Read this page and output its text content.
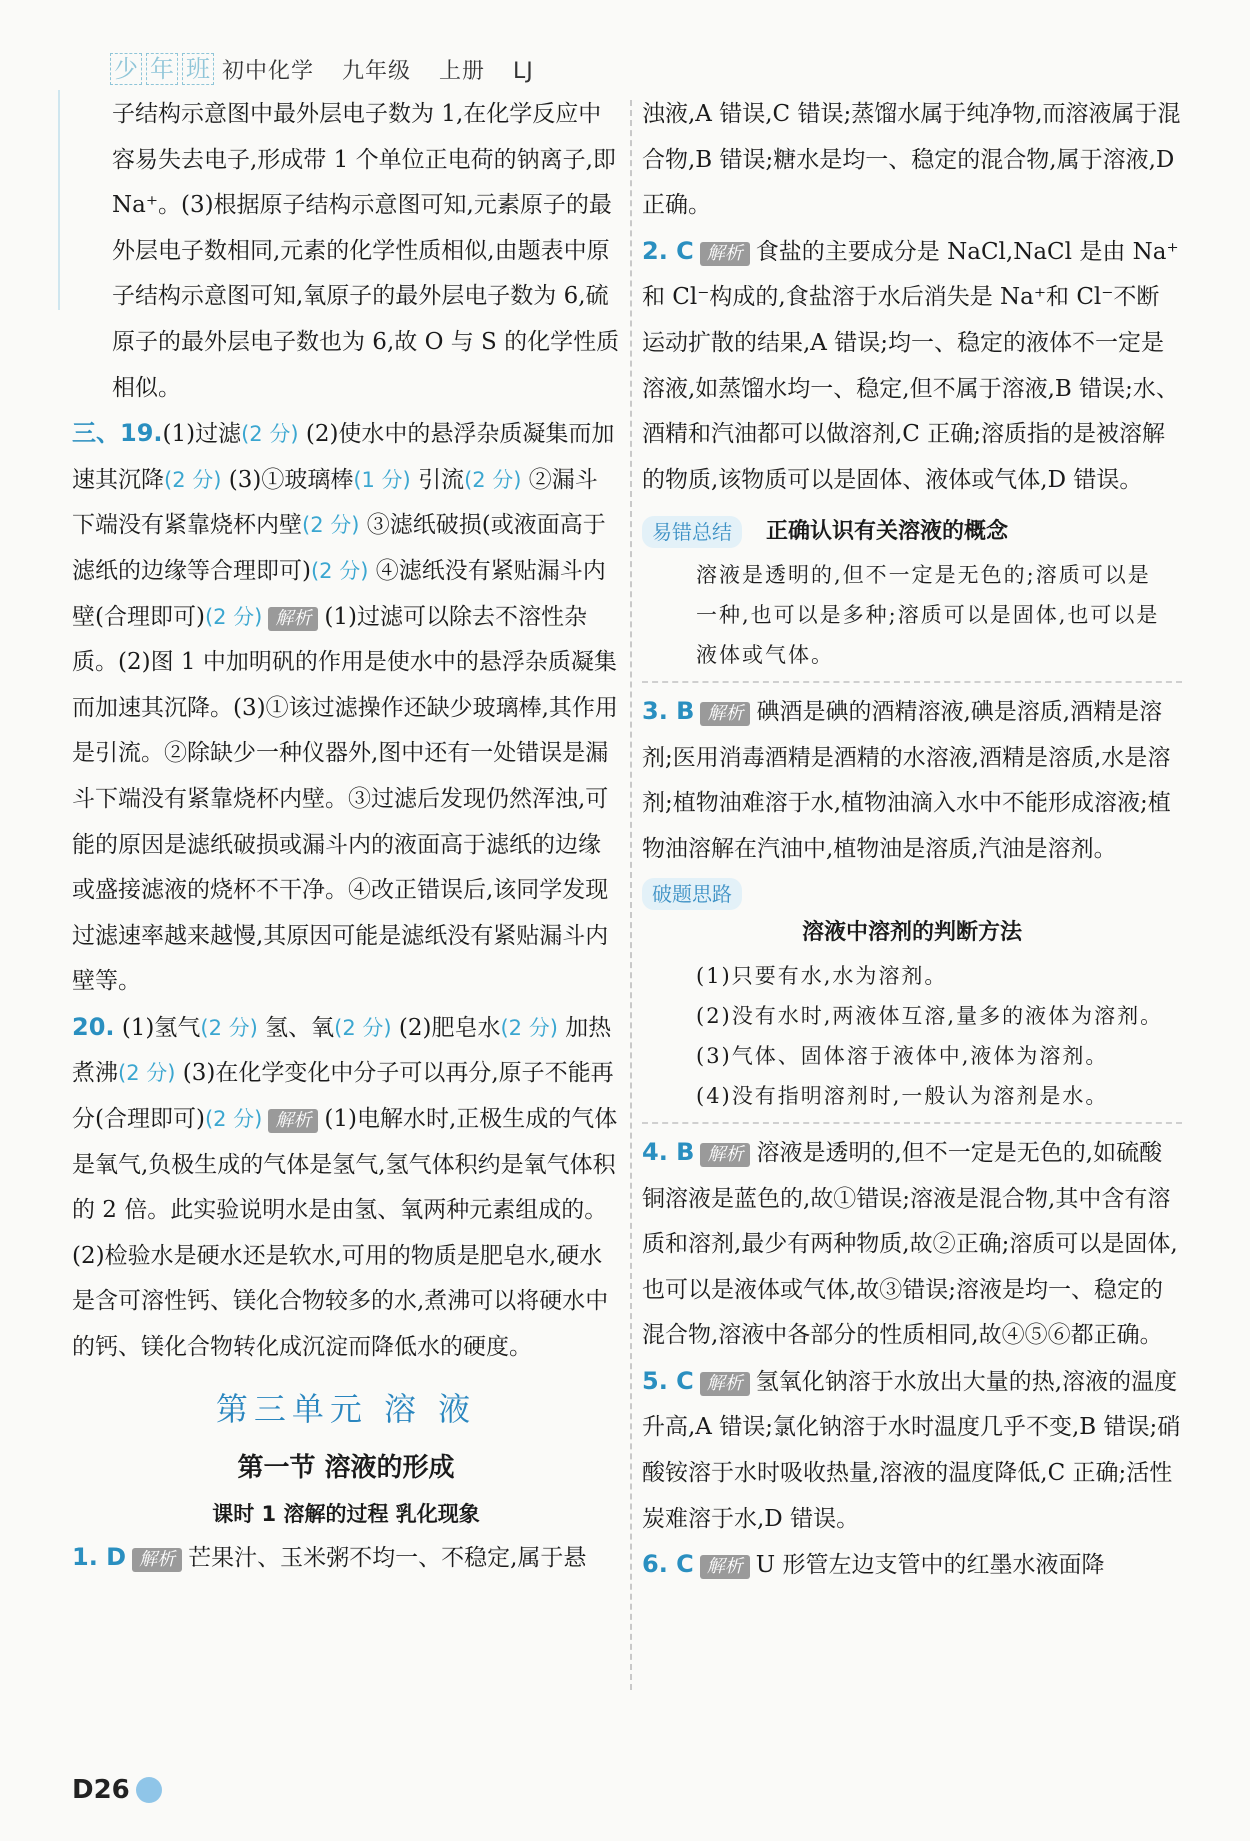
少 年 班 初中化学 九年级 上册 LJ

子结构示意图中最外层电子数为 1,在化学反应中容易失去电子,形成带 1 个单位正电荷的钠离子,即 Na⁺。(3)根据原子结构示意图可知,元素原子的最外层电子数相同,元素的化学性质相似,由题表中原子结构示意图可知,氧原子的最外层电子数为 6,硫原子的最外层电子数也为 6,故 O 与 S 的化学性质相似。

三、19.(1)过滤(2 分) (2)使水中的悬浮杂质凝集而加速其沉降(2 分) (3)①玻璃棒(1 分) 引流(2 分) ②漏斗下端没有紧靠烧杯内壁(2 分) ③滤纸破损(或液面高于滤纸的边缘等合理即可)(2 分) ④滤纸没有紧贴漏斗内壁(合理即可)(2 分) 解析 (1)过滤可以除去不溶性杂质。(2)图 1 中加明矾的作用是使水中的悬浮杂质凝集而加速其沉降。(3)①该过滤操作还缺少玻璃棒,其作用是引流。②除缺少一种仪器外,图中还有一处错误是漏斗下端没有紧靠烧杯内壁。③过滤后发现仍然浑浊,可能的原因是滤纸破损或漏斗内的液面高于滤纸的边缘或盛接滤液的烧杯不干净。④改正错误后,该同学发现过滤速率越来越慢,其原因可能是滤纸没有紧贴漏斗内壁等。

20. (1)氢气(2 分) 氢、氧(2 分) (2)肥皂水(2 分) 加热煮沸(2 分) (3)在化学变化中分子可以再分,原子不能再分(合理即可)(2 分) 解析 (1)电解水时,正极生成的气体是氧气,负极生成的气体是氢气,氢气体积约是氧气体积的 2 倍。此实验说明水是由氢、氧两种元素组成的。(2)检验水是硬水还是软水,可用的物质是肥皂水,硬水是含可溶性钙、镁化合物较多的水,煮沸可以将硬水中的钙、镁化合物转化成沉淀而降低水的硬度。

第三单元 溶 液
第一节 溶液的形成
课时 1 溶解的过程 乳化现象

1. D 解析 芒果汁、玉米粥不均一、不稳定,属于悬

浊液,A 错误,C 错误;蒸馏水属于纯净物,而溶液属于混合物,B 错误;糖水是均一、稳定的混合物,属于溶液,D 正确。

2. C 解析 食盐的主要成分是 NaCl,NaCl 是由 Na⁺和 Cl⁻构成的,食盐溶于水后消失是 Na⁺和 Cl⁻不断运动扩散的结果,A 错误;均一、稳定的液体不一定是溶液,如蒸馏水均一、稳定,但不属于溶液,B 错误;水、酒精和汽油都可以做溶剂,C 正确;溶质指的是被溶解的物质,该物质可以是固体、液体或气体,D 错误。

易错总结	正确认识有关溶液的概念

溶液是透明的,但不一定是无色的;溶质可以是一种,也可以是多种;溶质可以是固体,也可以是液体或气体。

3. B 解析 碘酒是碘的酒精溶液,碘是溶质,酒精是溶剂;医用消毒酒精是酒精的水溶液,酒精是溶质,水是溶剂;植物油难溶于水,植物油滴入水中不能形成溶液;植物油溶解在汽油中,植物油是溶质,汽油是溶剂。

破题思路
溶液中溶剂的判断方法

(1)只要有水,水为溶剂。

(2)没有水时,两液体互溶,量多的液体为溶剂。

(3)气体、固体溶于液体中,液体为溶剂。

(4)没有指明溶剂时,一般认为溶剂是水。

4. B 解析 溶液是透明的,但不一定是无色的,如硫酸铜溶液是蓝色的,故①错误;溶液是混合物,其中含有溶质和溶剂,最少有两种物质,故②正确;溶质可以是固体,也可以是液体或气体,故③错误;溶液是均一、稳定的混合物,溶液中各部分的性质相同,故④⑤⑥都正确。

5. C 解析 氢氧化钠溶于水放出大量的热,溶液的温度升高,A 错误;氯化钠溶于水时温度几乎不变,B 错误;硝酸铵溶于水时吸收热量,溶液的温度降低,C 正确;活性炭难溶于水,D 错误。

6. C 解析 U 形管左边支管中的红墨水液面降

D26
